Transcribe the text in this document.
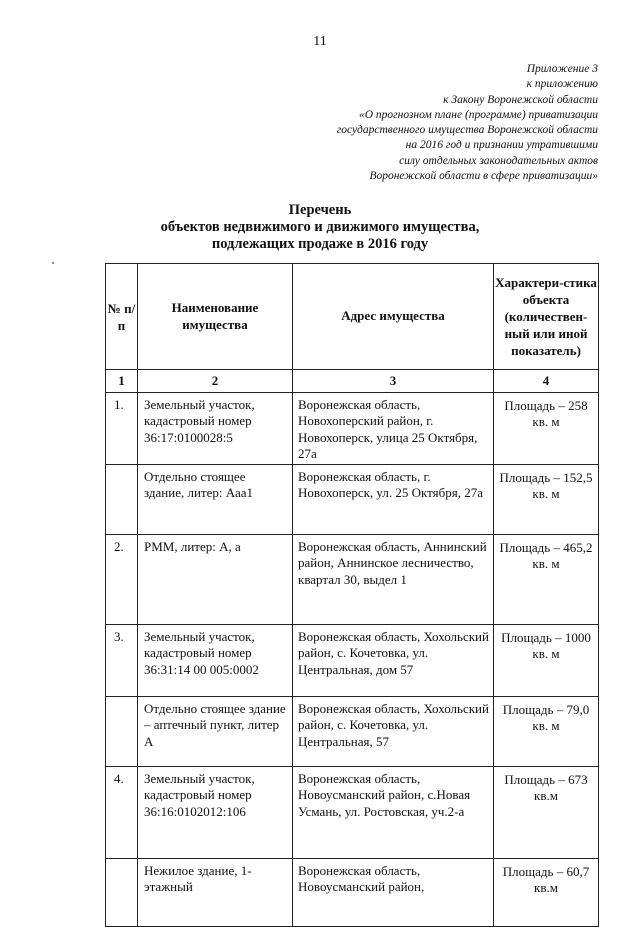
11
Приложение 3
к приложению
к Закону Воронежской области
«О прогнозном плане (программе) приватизации
государственного имущества Воронежской области
на 2016 год и признании утратившими
силу отдельных законодательных актов
Воронежской области в сфере приватизации»
Перечень
объектов недвижимого и движимого имущества,
подлежащих продаже в 2016 году
№ п/п	Наименование имущества	Адрес имущества	Характери-стика объекта (количествен-ный или иной показатель)
1	2	3	4
1.	Земельный участок, кадастровый номер 36:17:0100028:5	Воронежская область, Новохоперский район, г. Новохоперск, улица 25 Октября, 27а	Площадь – 258 кв. м
	Отдельно стоящее здание, литер: Ааа1	Воронежская область, г. Новохоперск, ул. 25 Октября, 27а	Площадь – 152,5 кв. м
2.	РММ, литер: А, а	Воронежская область, Аннинский район, Аннинское лесничество, квартал 30, выдел 1	Площадь – 465,2 кв. м
3.	Земельный участок, кадастровый номер 36:31:14 00 005:0002	Воронежская область, Хохольский район, с. Кочетовка, ул. Центральная, дом 57	Площадь – 1000 кв. м
	Отдельно стоящее здание – аптечный пункт, литер А	Воронежская область, Хохольский район, с. Кочетовка, ул. Центральная, 57	Площадь – 79,0 кв. м
4.	Земельный участок, кадастровый номер 36:16:0102012:106	Воронежская область, Новоусманский район, с.Новая Усмань, ул. Ростовская, уч.2-а	Площадь – 673 кв.м
	Нежилое здание, 1-этажный	Воронежская область, Новоусманский район,	Площадь – 60,7 кв.м
